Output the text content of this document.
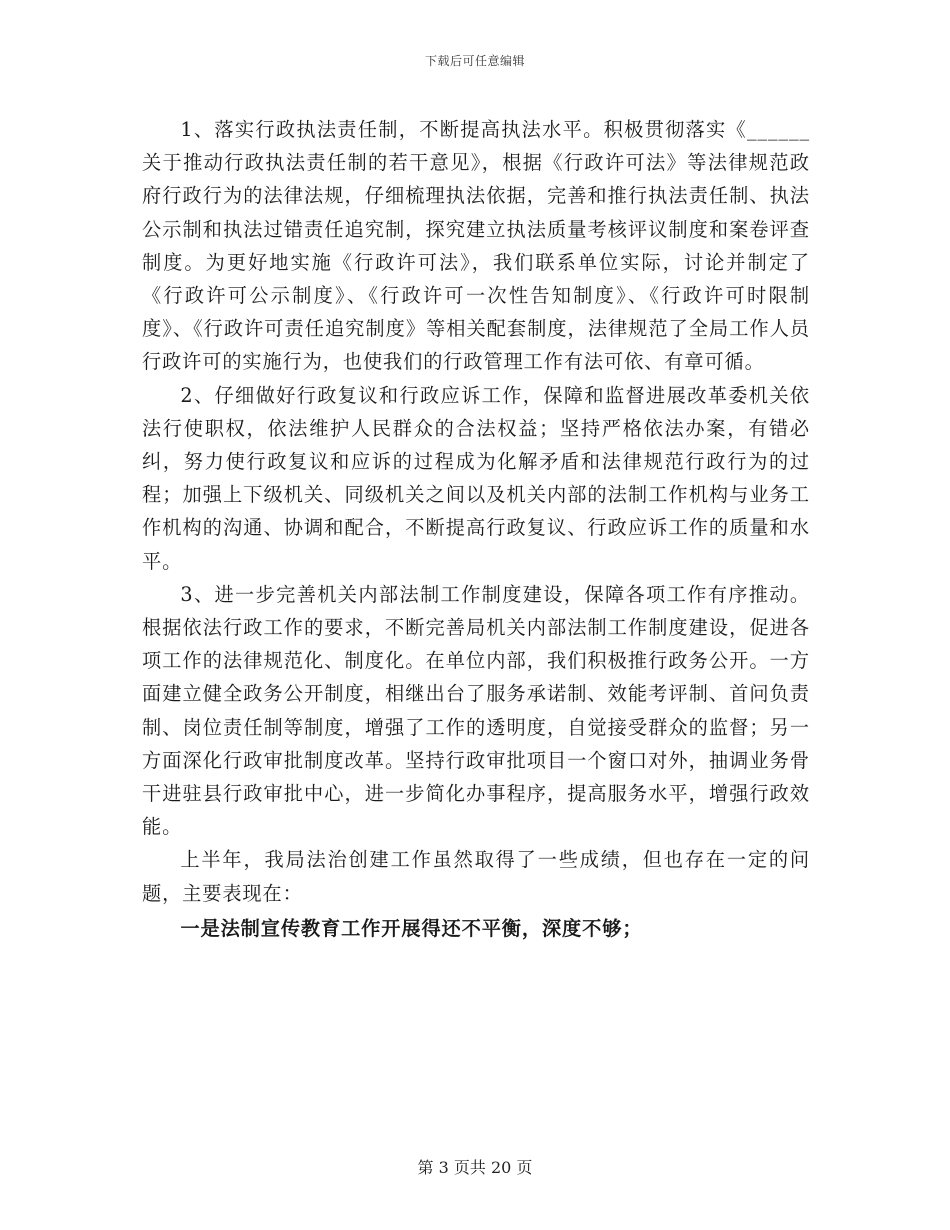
下载后可任意编辑

1、落实行政执法责任制，不断提高执法水平。积极贯彻落实《______关于推动行政执法责任制的若干意见》，根据《行政许可法》等法律规范政府行政行为的法律法规，仔细梳理执法依据，完善和推行执法责任制、执法公示制和执法过错责任追究制，探究建立执法质量考核评议制度和案卷评查制度。为更好地实施《行政许可法》，我们联系单位实际，讨论并制定了《行政许可公示制度》、《行政许可一次性告知制度》、《行政许可时限制度》、《行政许可责任追究制度》等相关配套制度，法律规范了全局工作人员行政许可的实施行为，也使我们的行政管理工作有法可依、有章可循。

2、仔细做好行政复议和行政应诉工作，保障和监督进展改革委机关依法行使职权，依法维护人民群众的合法权益；坚持严格依法办案，有错必纠，努力使行政复议和应诉的过程成为化解矛盾和法律规范行政行为的过程；加强上下级机关、同级机关之间以及机关内部的法制工作机构与业务工作机构的沟通、协调和配合，不断提高行政复议、行政应诉工作的质量和水平。

3、进一步完善机关内部法制工作制度建设，保障各项工作有序推动。根据依法行政工作的要求，不断完善局机关内部法制工作制度建设，促进各项工作的法律规范化、制度化。在单位内部，我们积极推行政务公开。一方面建立健全政务公开制度，相继出台了服务承诺制、效能考评制、首问负责制、岗位责任制等制度，增强了工作的透明度，自觉接受群众的监督；另一方面深化行政审批制度改革。坚持行政审批项目一个窗口对外，抽调业务骨干进驻县行政审批中心，进一步简化办事程序，提高服务水平，增强行政效能。

上半年，我局法治创建工作虽然取得了一些成绩，但也存在一定的问题，主要表现在：

一是法制宣传教育工作开展得还不平衡，深度不够；

第 3 页共 20 页
